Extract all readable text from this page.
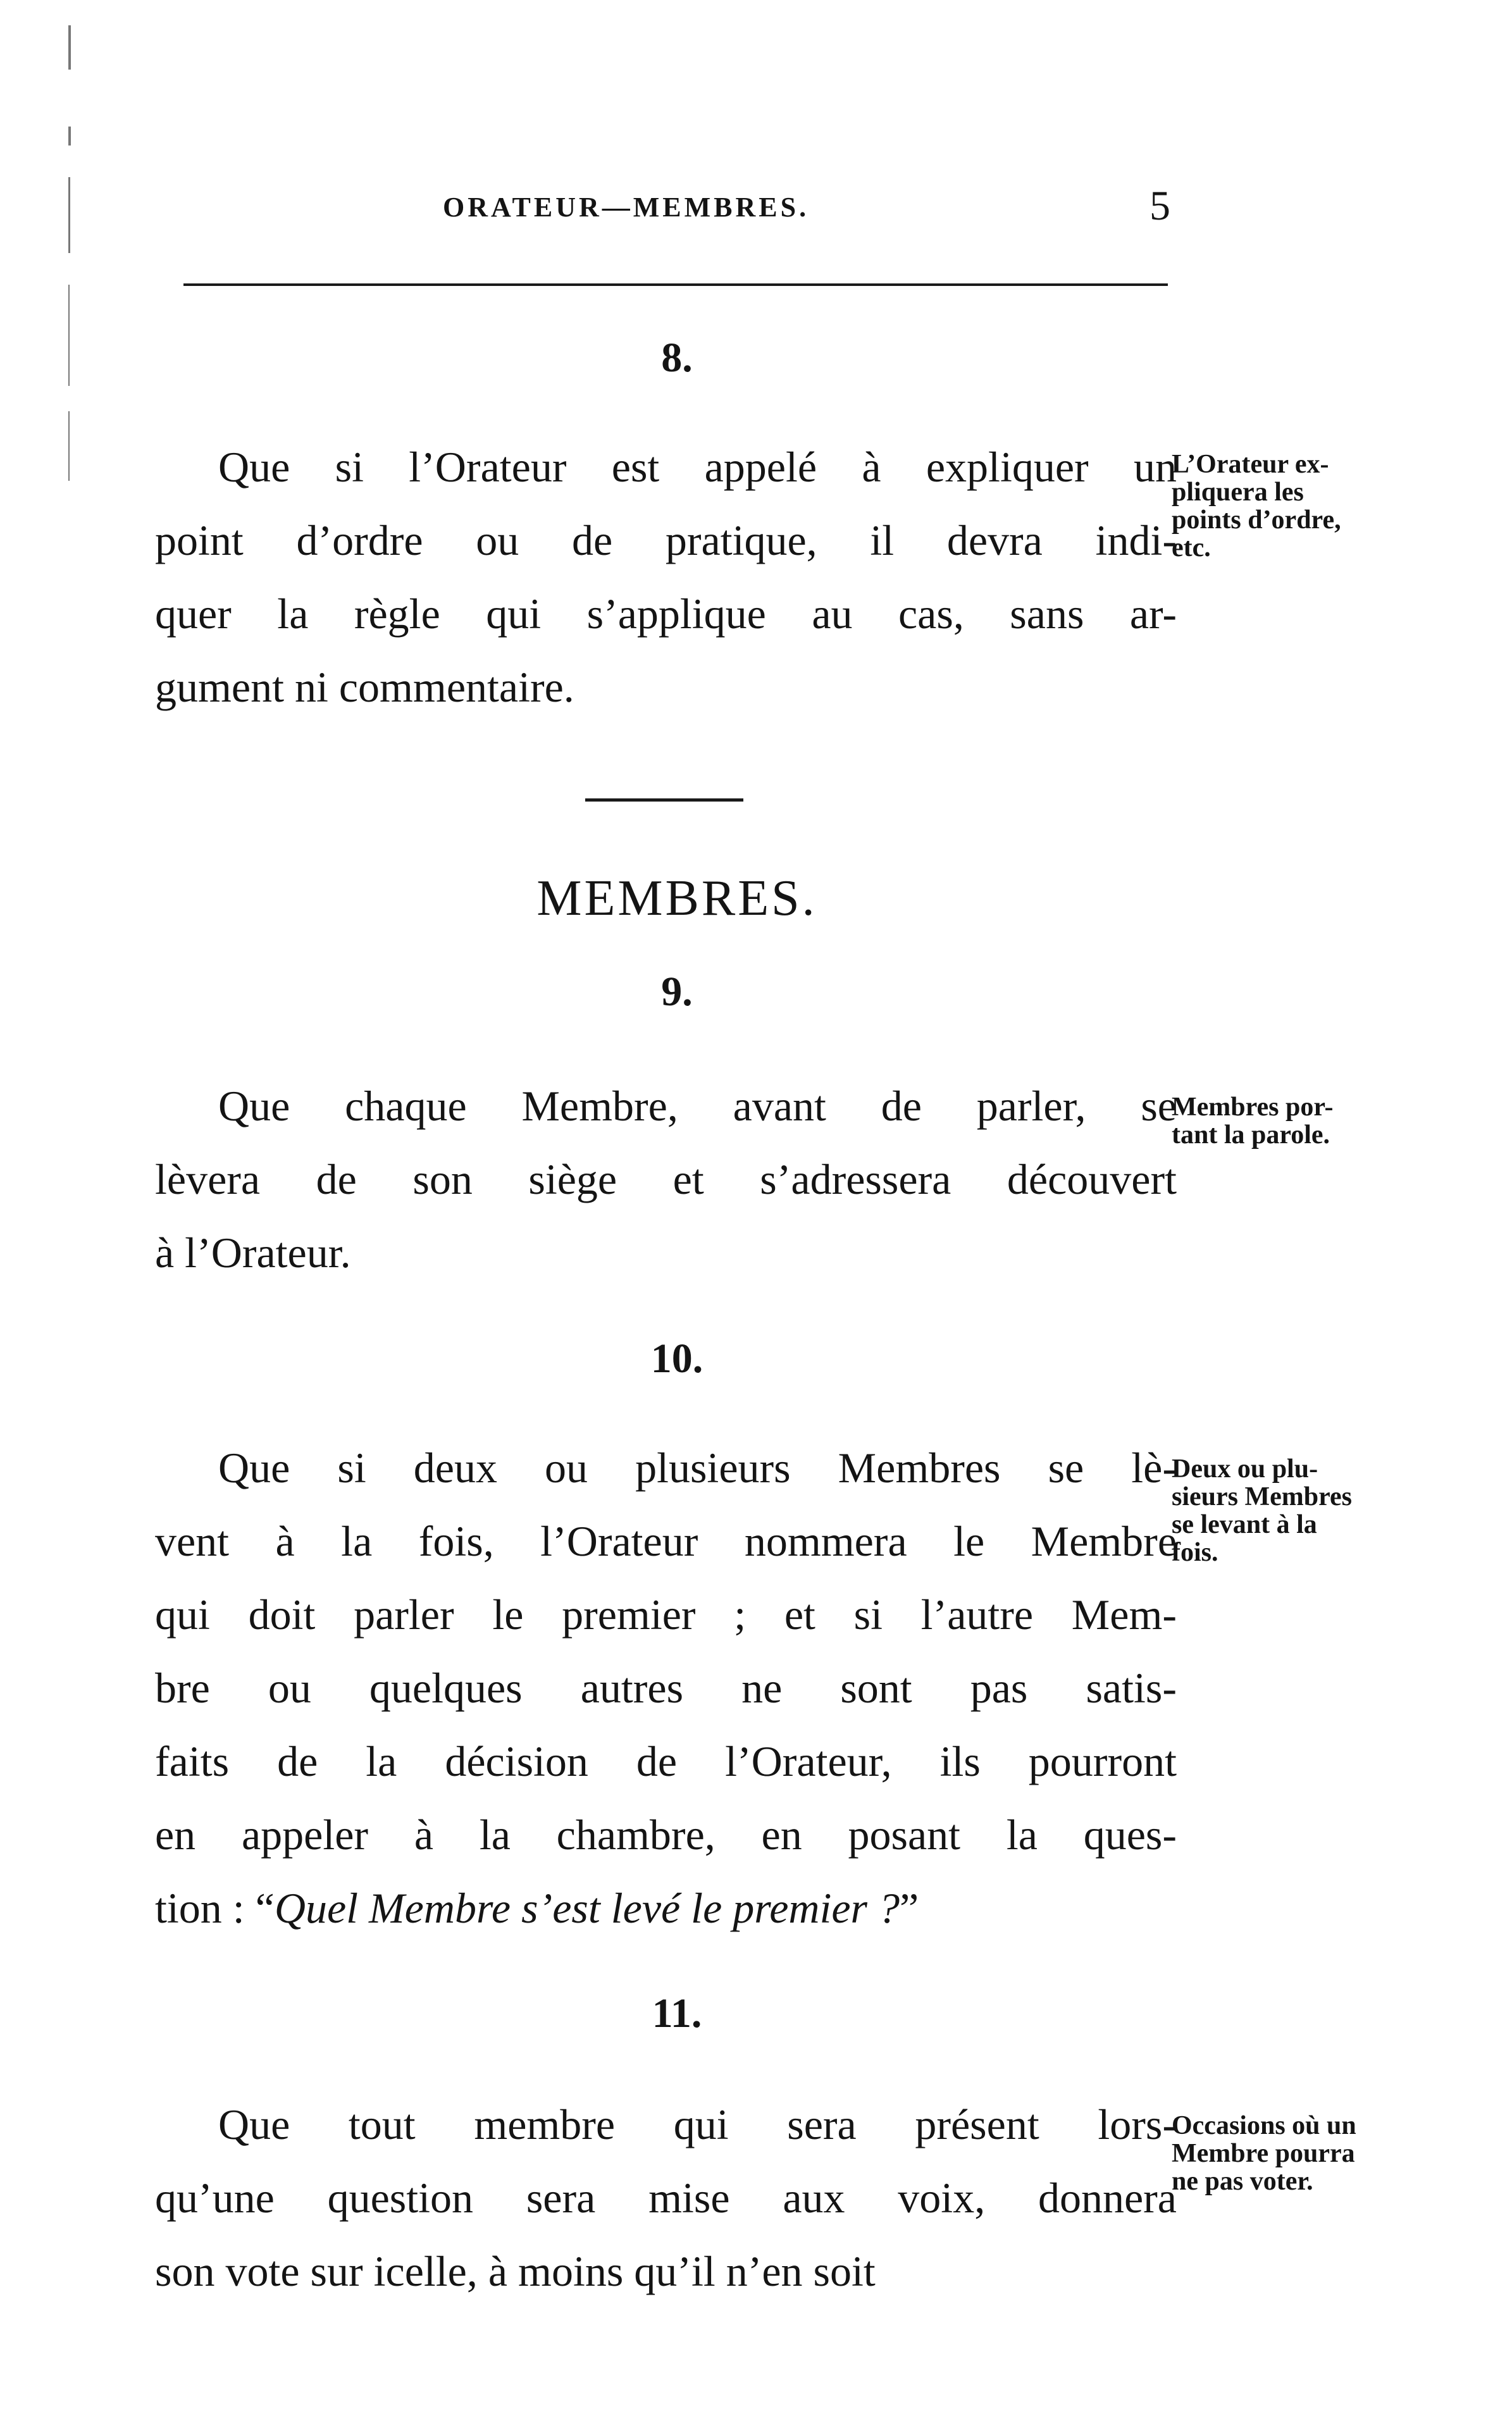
ORATEUR—MEMBRES.	5
8.
Que si l’Orateur est appelé à expliquer un
point d’ordre ou de pratique, il devra indi-
quer la règle qui s’applique au cas, sans ar-
gument ni commentaire.
L’Orateur ex-
pliquera les
points d’ordre,
etc.
MEMBRES.
9.
Que chaque Membre, avant de parler, se
lèvera de son siège et s’adressera découvert
à l’Orateur.
Membres por-
tant la parole.
10.
Que si deux ou plusieurs Membres se lè-
vent à la fois, l’Orateur nommera le Membre
qui doit parler le premier ; et si l’autre Mem-
bre ou quelques autres ne sont pas satis-
faits de la décision de l’Orateur, ils pourront
en appeler à la chambre, en posant la ques-
tion : “Quel Membre s’est levé le premier ?”
Deux ou plu-
sieurs Membres
se levant à la
fois.
11.
Que tout membre qui sera présent lors-
qu’une question sera mise aux voix, donnera
son vote sur icelle, à moins qu’il n’en soit
Occasions où un
Membre pourra
ne pas voter.
